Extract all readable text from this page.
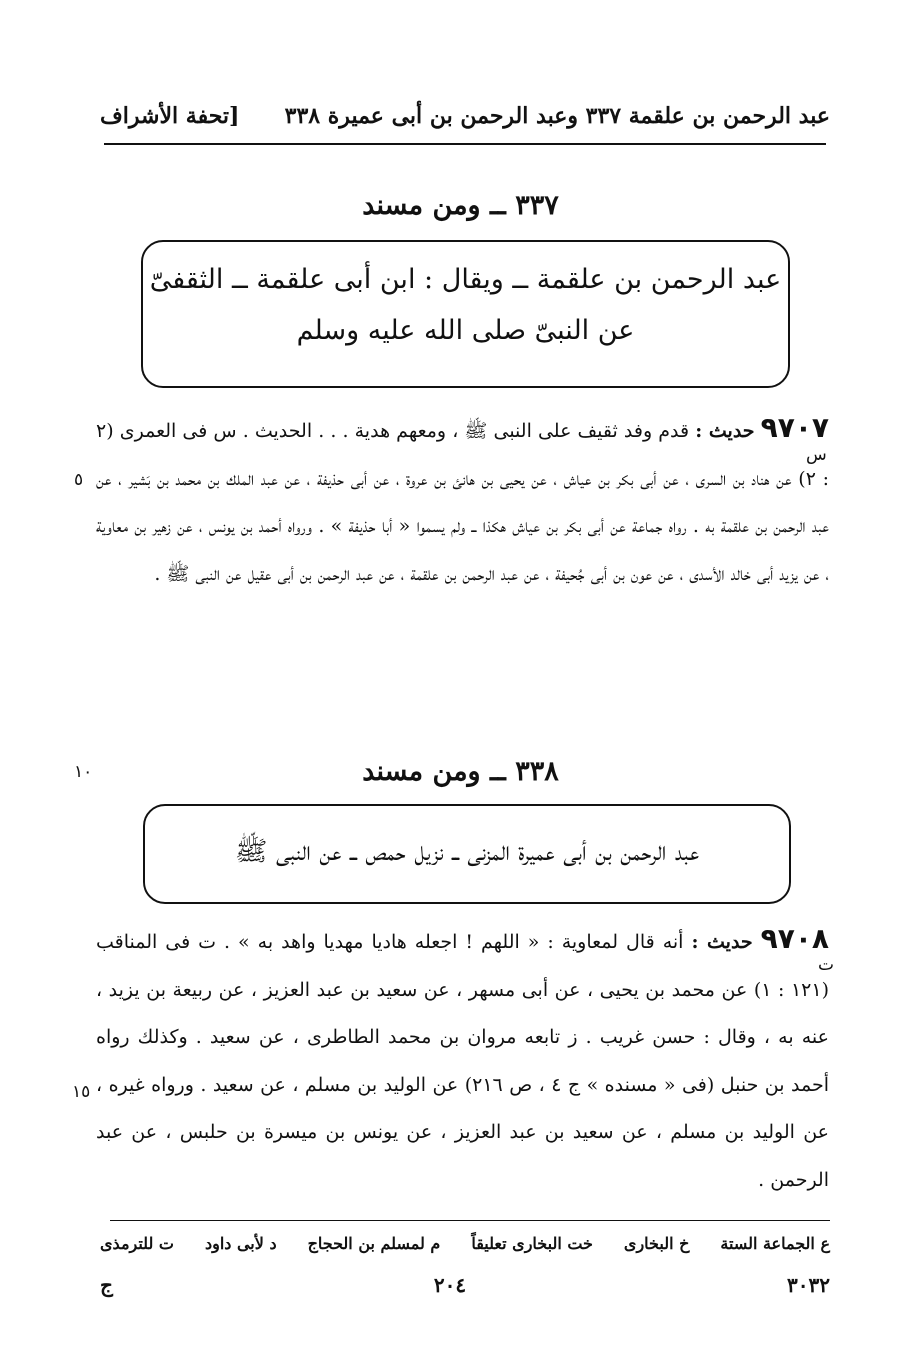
عبد الرحمن بن علقمة ٣٣٧ وعبد الرحمن بن أبى عميرة ٣٣٨
[تحفة الأشراف
٣٣٧ ــ ومن مسند
عبد الرحمن بن علقمة ــ ويقال : ابن أبى علقمة ــ الثقفىّ
عن النبىّ صلى الله عليه وسلم
٩٧٠٧ حديث : قدم وفد ثقيف على النبى ﷺ ، ومعهم هدية . . . الحديث . س فى العمرى (٢ : ٢) عن هناد بن السرى ، عن أبى بكر بن عياش ، عن يحيى بن هانئ بن عروة ، عن أبى حذيفة ، عن عبد الملك بن محمد بن بَشير ، عن عبد الرحمن بن علقمة به . رواه جماعة عن أبى بكر بن عياش هكذا ــ ولم يسموا « أبا حذيفة » . ورواه أحمد بن يونس ، عن زهير بن معاوية ، عن يزيد أبى خالد الأسدى ، عن عون بن أبى جُحيفة ، عن عبد الرحمن بن علقمة ، عن عبد الرحمن بن أبى عقيل عن النبى ﷺ .
س
٥
٣٣٨ ــ ومن مسند
١٠
عبد الرحمن بن أبى عميرة المزنى ــ نزيل حمص ــ عن النبى ﷺ
٩٧٠٨ حديث : أنه قال لمعاوية : « اللهم ! اجعله هاديا مهديا واهد به » . ت فى المناقب (١٢١ : ١) عن محمد بن يحيى ، عن أبى مسهر ، عن سعيد بن عبد العزيز ، عن ربيعة بن يزيد ، عنه به ، وقال : حسن غريب . ز تابعه مروان بن محمد الطاطرى ، عن سعيد . وكذلك رواه أحمد بن حنبل (فى « مسنده » ج ٤ ، ص ٢١٦) عن الوليد بن مسلم ، عن سعيد . ورواه غيره ، عن الوليد بن مسلم ، عن سعيد بن عبد العزيز ، عن يونس بن ميسرة بن حلبس ، عن عبد الرحمن .
ت
١٥
ع الجماعة الستة
خ البخارى
خت البخارى تعليقاً
م لمسلم بن الحجاج
د لأبى داود
ت للترمذى
٣٠٣٢
٢٠٤
ج
